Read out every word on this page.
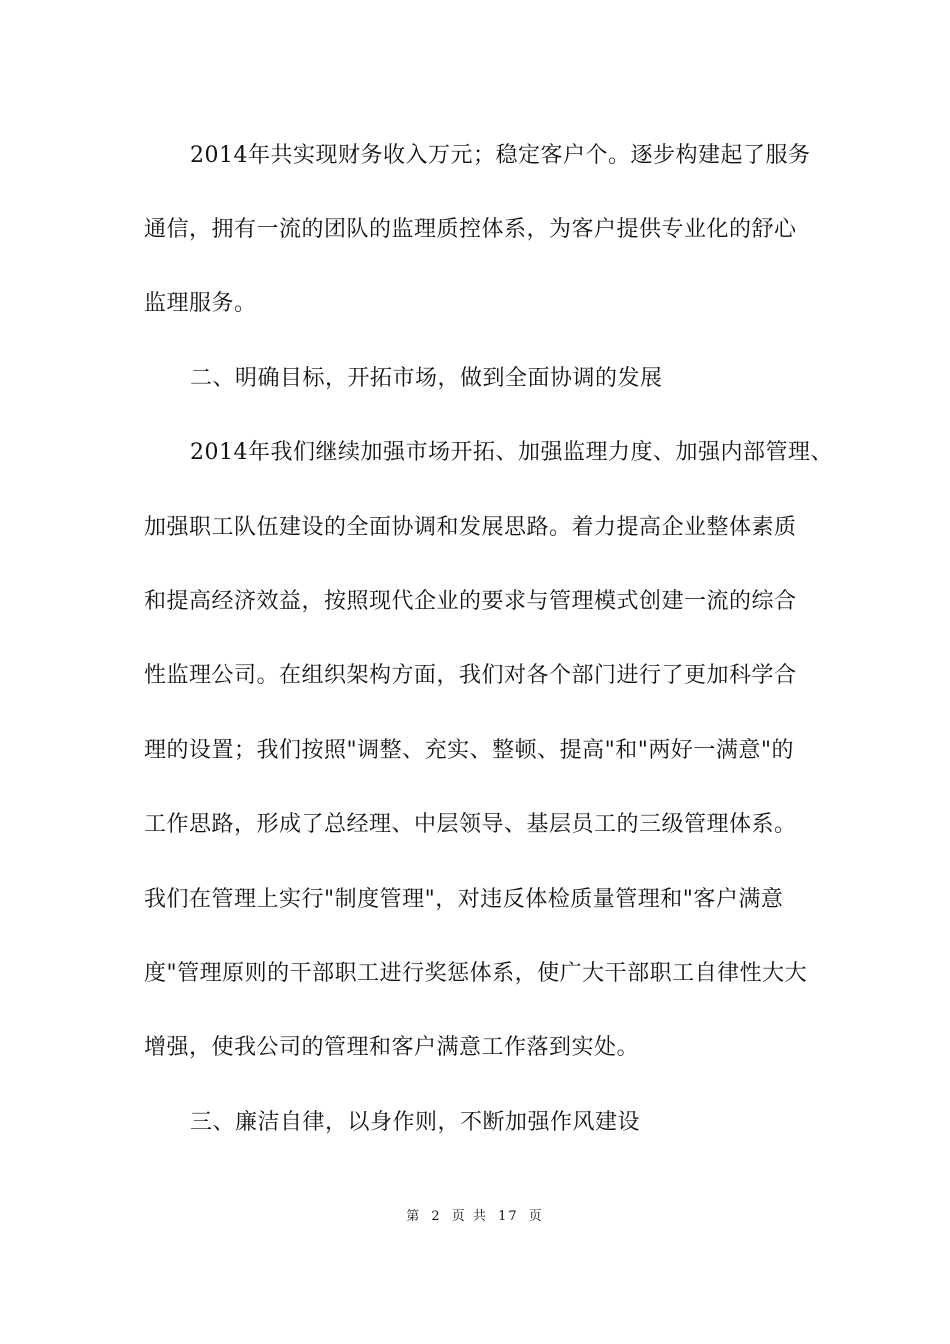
2014年共实现财务收入万元；稳定客户个。逐步构建起了服务
通信，拥有一流的团队的监理质控体系，为客户提供专业化的舒心
监理服务。
二、明确目标，开拓市场，做到全面协调的发展
2014年我们继续加强市场开拓、加强监理力度、加强内部管理、
加强职工队伍建设的全面协调和发展思路。着力提高企业整体素质
和提高经济效益，按照现代企业的要求与管理模式创建一流的综合
性监理公司。在组织架构方面，我们对各个部门进行了更加科学合
理的设置；我们按照"调整、充实、整顿、提高"和"两好一满意"的
工作思路，形成了总经理、中层领导、基层员工的三级管理体系。
我们在管理上实行"制度管理"，对违反体检质量管理和"客户满意
度"管理原则的干部职工进行奖惩体系，使广大干部职工自律性大大
增强，使我公司的管理和客户满意工作落到实处。
三、廉洁自律，以身作则，不断加强作风建设
第 2 页 共 17 页
